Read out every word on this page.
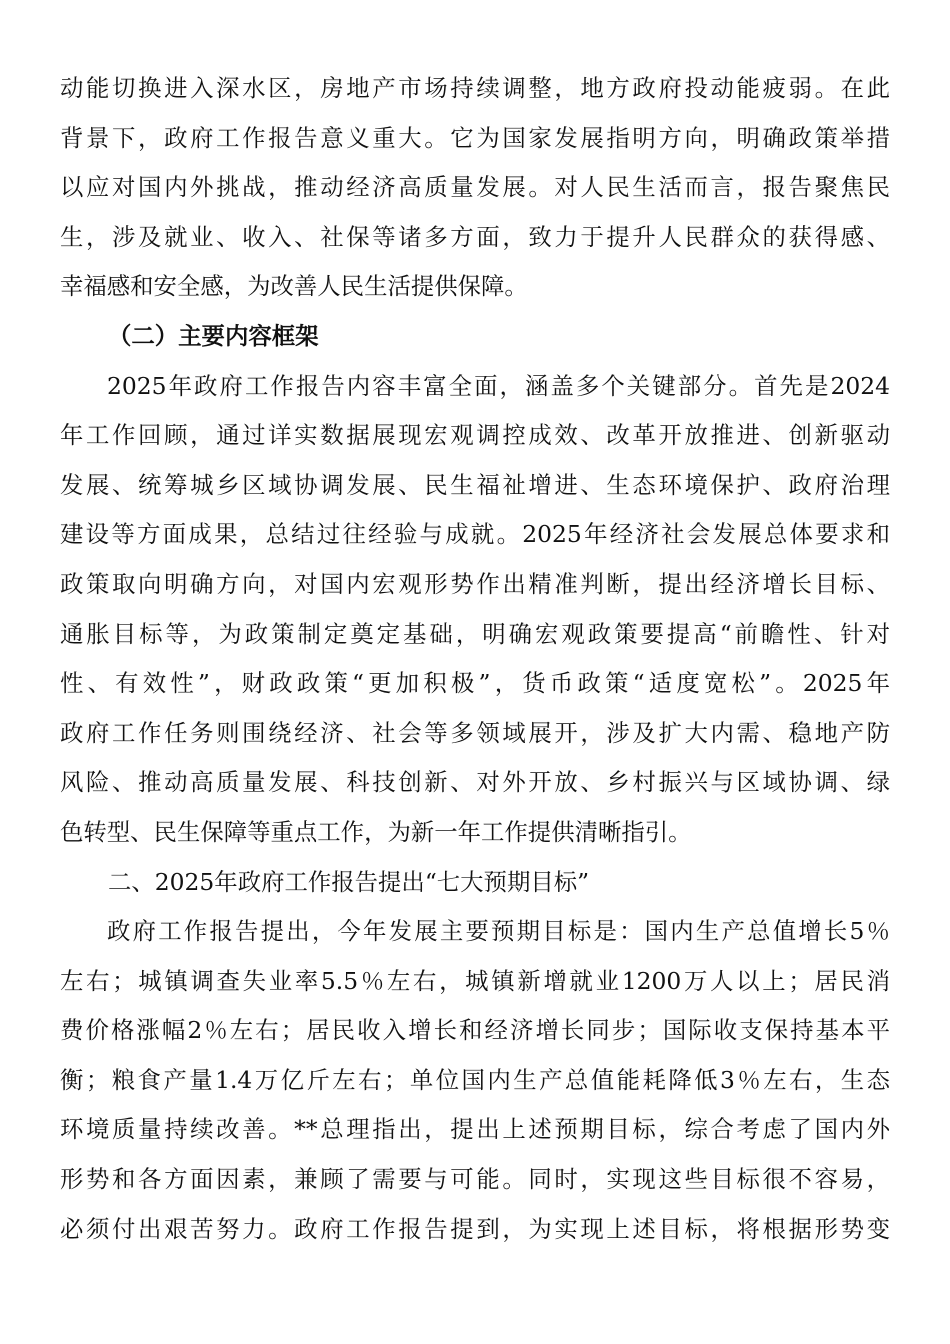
动能切换进入深水区，房地产市场持续调整，地方政府投动能疲弱。在此
背景下，政府工作报告意义重大。它为国家发展指明方向，明确政策举措
以应对国内外挑战，推动经济高质量发展。对人民生活而言，报告聚焦民
生，涉及就业、收入、社保等诸多方面，致力于提升人民群众的获得感、
幸福感和安全感，为改善人民生活提供保障。
（二）主要内容框架
2025年政府工作报告内容丰富全面，涵盖多个关键部分。首先是2024
年工作回顾，通过详实数据展现宏观调控成效、改革开放推进、创新驱动
发展、统筹城乡区域协调发展、民生福祉增进、生态环境保护、政府治理
建设等方面成果，总结过往经验与成就。2025年经济社会发展总体要求和
政策取向明确方向，对国内宏观形势作出精准判断，提出经济增长目标、
通胀目标等，为政策制定奠定基础，明确宏观政策要提高“前瞻性、针对
性、有效性”，财政政策“更加积极”，货币政策“适度宽松”。2025年
政府工作任务则围绕经济、社会等多领域展开，涉及扩大内需、稳地产防
风险、推动高质量发展、科技创新、对外开放、乡村振兴与区域协调、绿
色转型、民生保障等重点工作，为新一年工作提供清晰指引。
二、2025年政府工作报告提出“七大预期目标”
政府工作报告提出，今年发展主要预期目标是：国内生产总值增长5％
左右；城镇调查失业率5.5％左右，城镇新增就业1200万人以上；居民消
费价格涨幅2％左右；居民收入增长和经济增长同步；国际收支保持基本平
衡；粮食产量1.4万亿斤左右；单位国内生产总值能耗降低3％左右，生态
环境质量持续改善。**总理指出，提出上述预期目标，综合考虑了国内外
形势和各方面因素，兼顾了需要与可能。同时，实现这些目标很不容易，
必须付出艰苦努力。政府工作报告提到，为实现上述目标，将根据形势变
